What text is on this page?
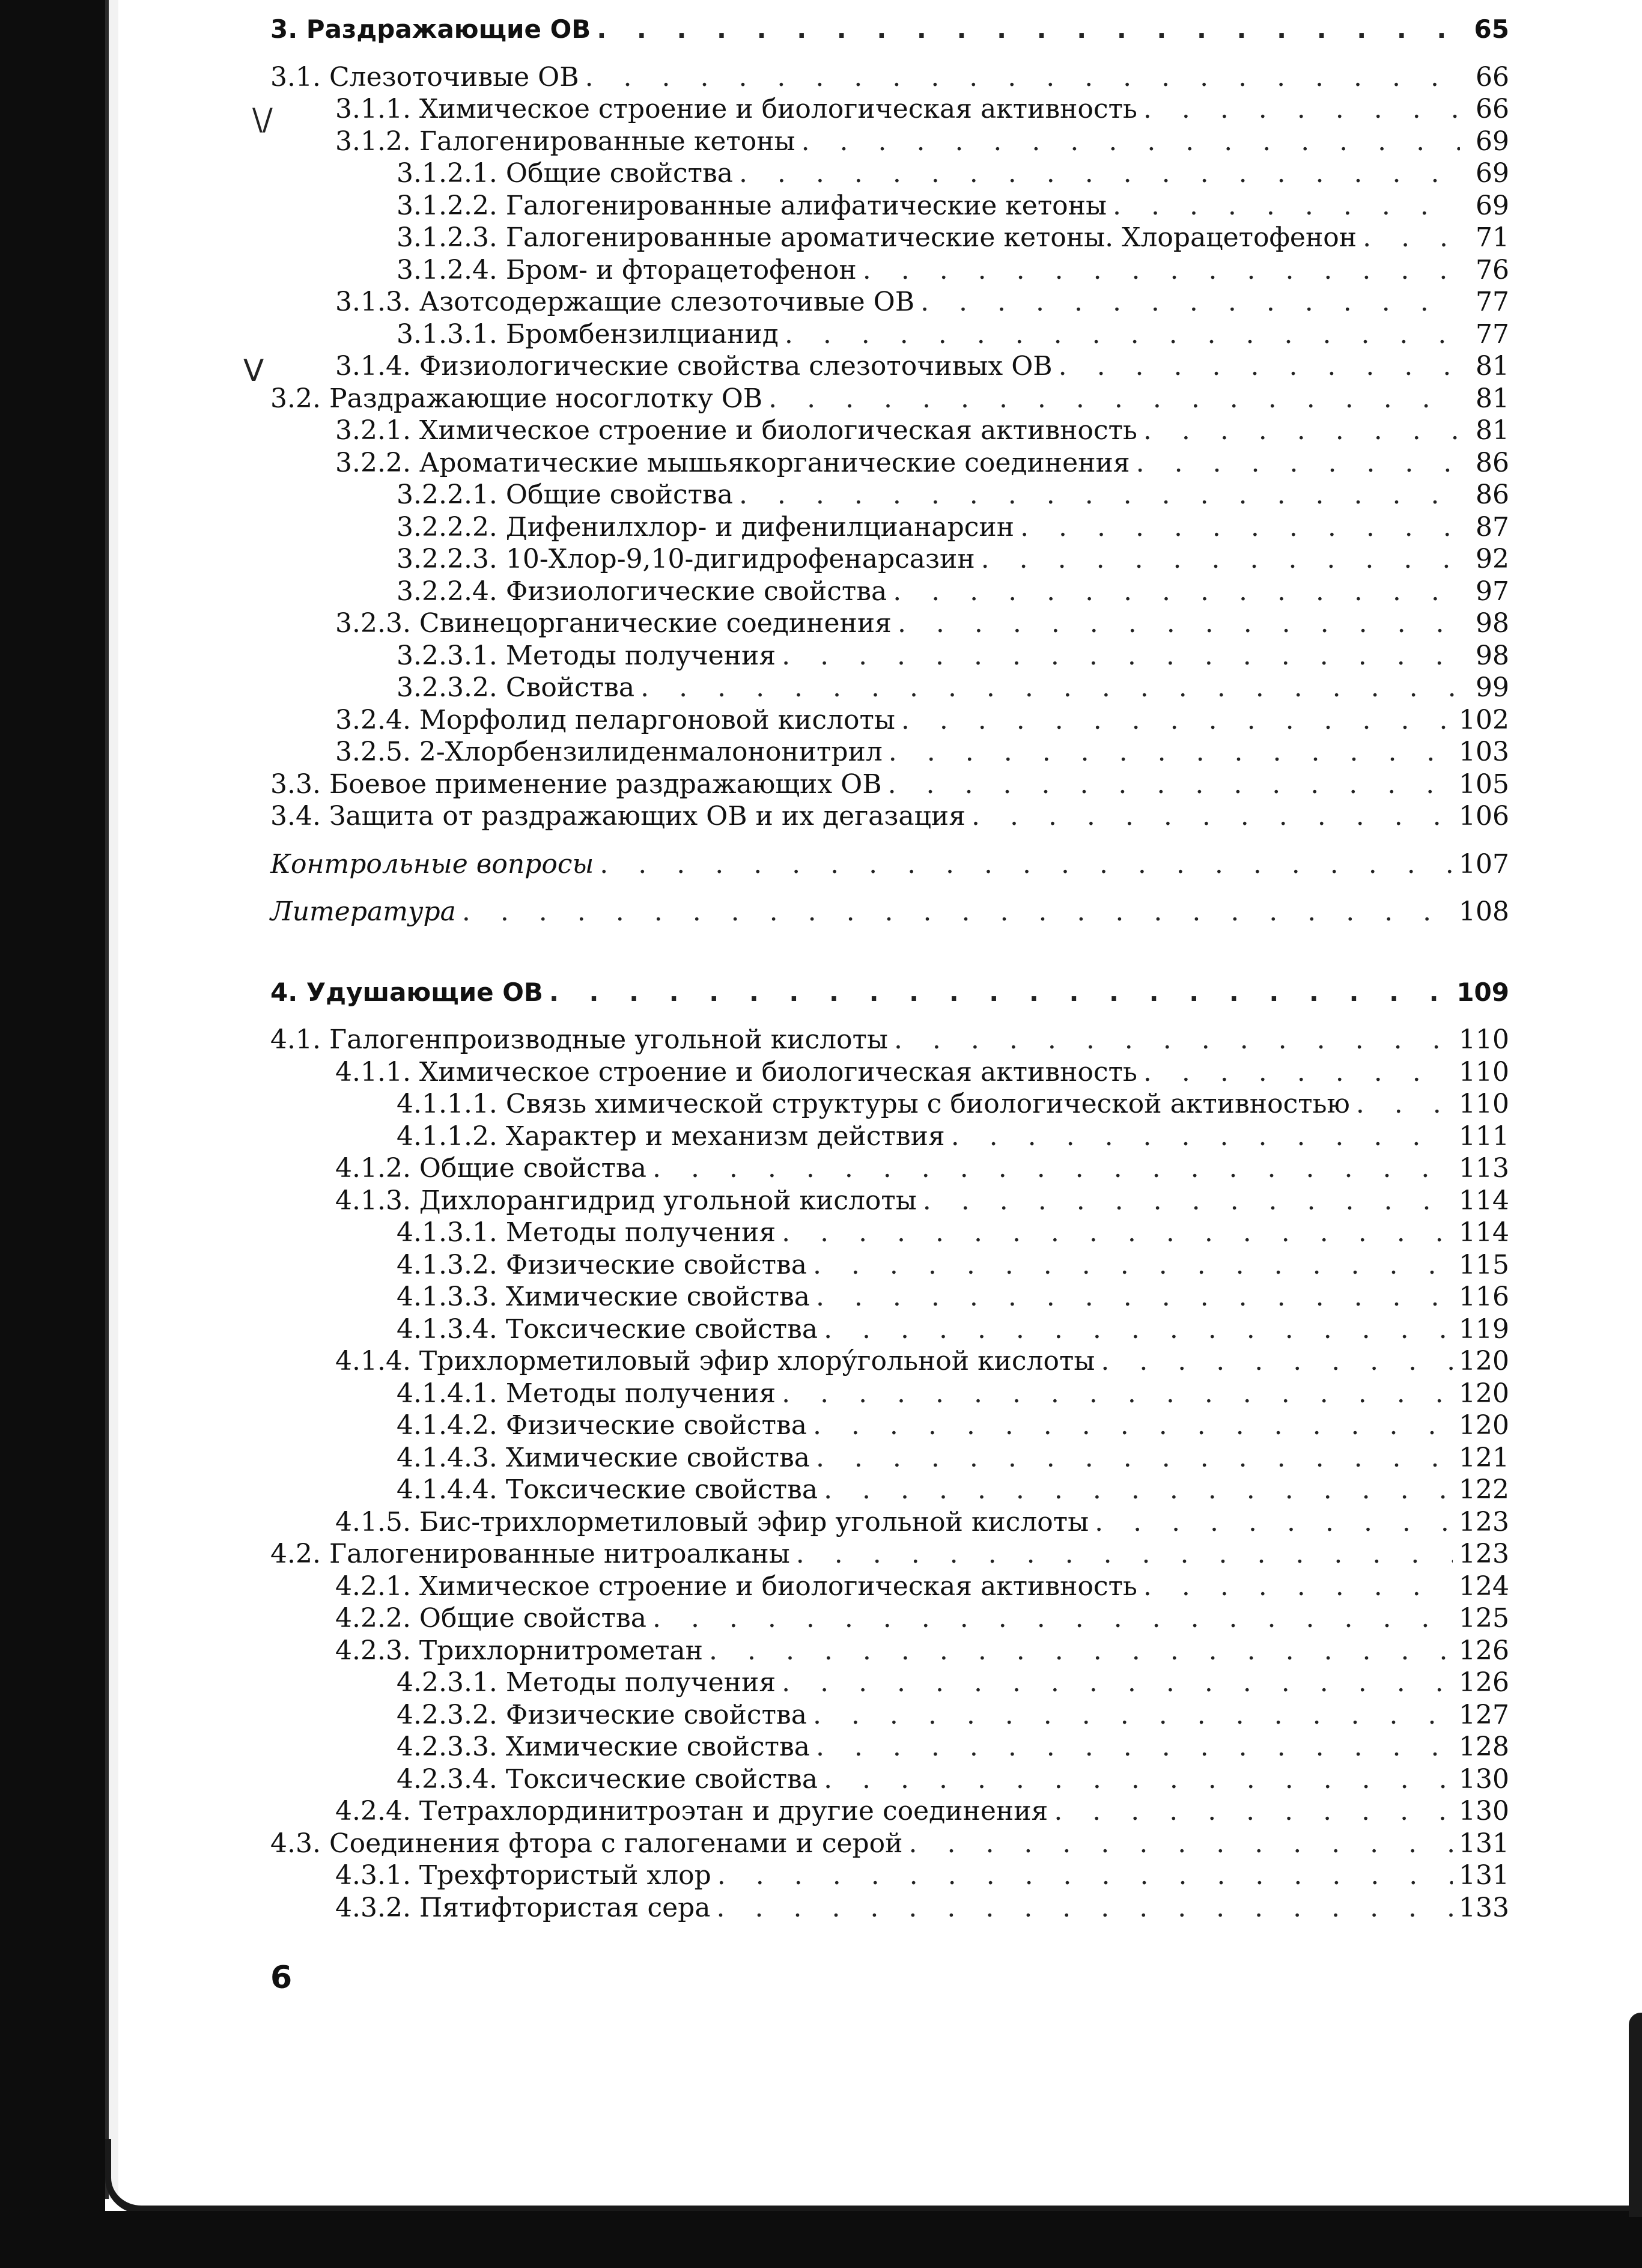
\/
V
3. Раздражающие ОВ . . .	65
3.1. Слезоточивые ОВ . . .	66
3.1.1. Химическое строение и биологическая активность . . .	66
3.1.2. Галогенированные кетоны . . .	69
3.1.2.1. Общие свойства . . .	69
3.1.2.2. Галогенированные алифатические кетоны . . .	69
3.1.2.3. Галогенированные ароматические кетоны. Хлорацетофенон . . .	71
3.1.2.4. Бром- и фторацетофенон . . .	76
3.1.3. Азотсодержащие слезоточивые ОВ . . .	77
3.1.3.1. Бромбензилцианид . . .	77
3.1.4. Физиологические свойства слезоточивых ОВ . . .	81
3.2. Раздражающие носоглотку ОВ . . .	81
3.2.1. Химическое строение и биологическая активность . . .	81
3.2.2. Ароматические мышьякорганические соединения . . .	86
3.2.2.1. Общие свойства . . .	86
3.2.2.2. Дифенилхлор- и дифенилцианарсин . . .	87
3.2.2.3. 10-Хлор-9,10-дигидрофенарсазин . . .	92
3.2.2.4. Физиологические свойства . . .	97
3.2.3. Свинецорганические соединения . . .	98
3.2.3.1. Методы получения . . .	98
3.2.3.2. Свойства . . .	99
3.2.4. Морфолид пеларгоновой кислоты . . .	102
3.2.5. 2-Хлорбензилиденмалононитрил . . .	103
3.3. Боевое применение раздражающих ОВ . . .	105
3.4. Защита от раздражающих ОВ и их дегазация . . .	106
Контрольные вопросы . . .	107
Литература . . .	108
4. Удушающие ОВ . . .	109
4.1. Галогенпроизводные угольной кислоты . . .	110
4.1.1. Химическое строение и биологическая активность . . .	110
4.1.1.1. Связь химической структуры с биологической активностью . . .	110
4.1.1.2. Характер и механизм действия . . .	111
4.1.2. Общие свойства . . .	113
4.1.3. Дихлорангидрид угольной кислоты . . .	114
4.1.3.1. Методы получения . . .	114
4.1.3.2. Физические свойства . . .	115
4.1.3.3. Химические свойства . . .	116
4.1.3.4. Токсические свойства . . .	119
4.1.4. Трихлорметиловый эфир хлорýгольной кислоты . . .	120
4.1.4.1. Методы получения . . .	120
4.1.4.2. Физические свойства . . .	120
4.1.4.3. Химические свойства . . .	121
4.1.4.4. Токсические свойства . . .	122
4.1.5. Бис-трихлорметиловый эфир угольной кислоты . . .	123
4.2. Галогенированные нитроалканы . . .	123
4.2.1. Химическое строение и биологическая активность . . .	124
4.2.2. Общие свойства . . .	125
4.2.3. Трихлорнитрометан . . .	126
4.2.3.1. Методы получения . . .	126
4.2.3.2. Физические свойства . . .	127
4.2.3.3. Химические свойства . . .	128
4.2.3.4. Токсические свойства . . .	130
4.2.4. Тетрахлординитроэтан и другие соединения . . .	130
4.3. Соединения фтора с галогенами и серой . . .	131
4.3.1. Трехфтористый хлор . . .	131
4.3.2. Пятифтористая сера . . .	133
6
